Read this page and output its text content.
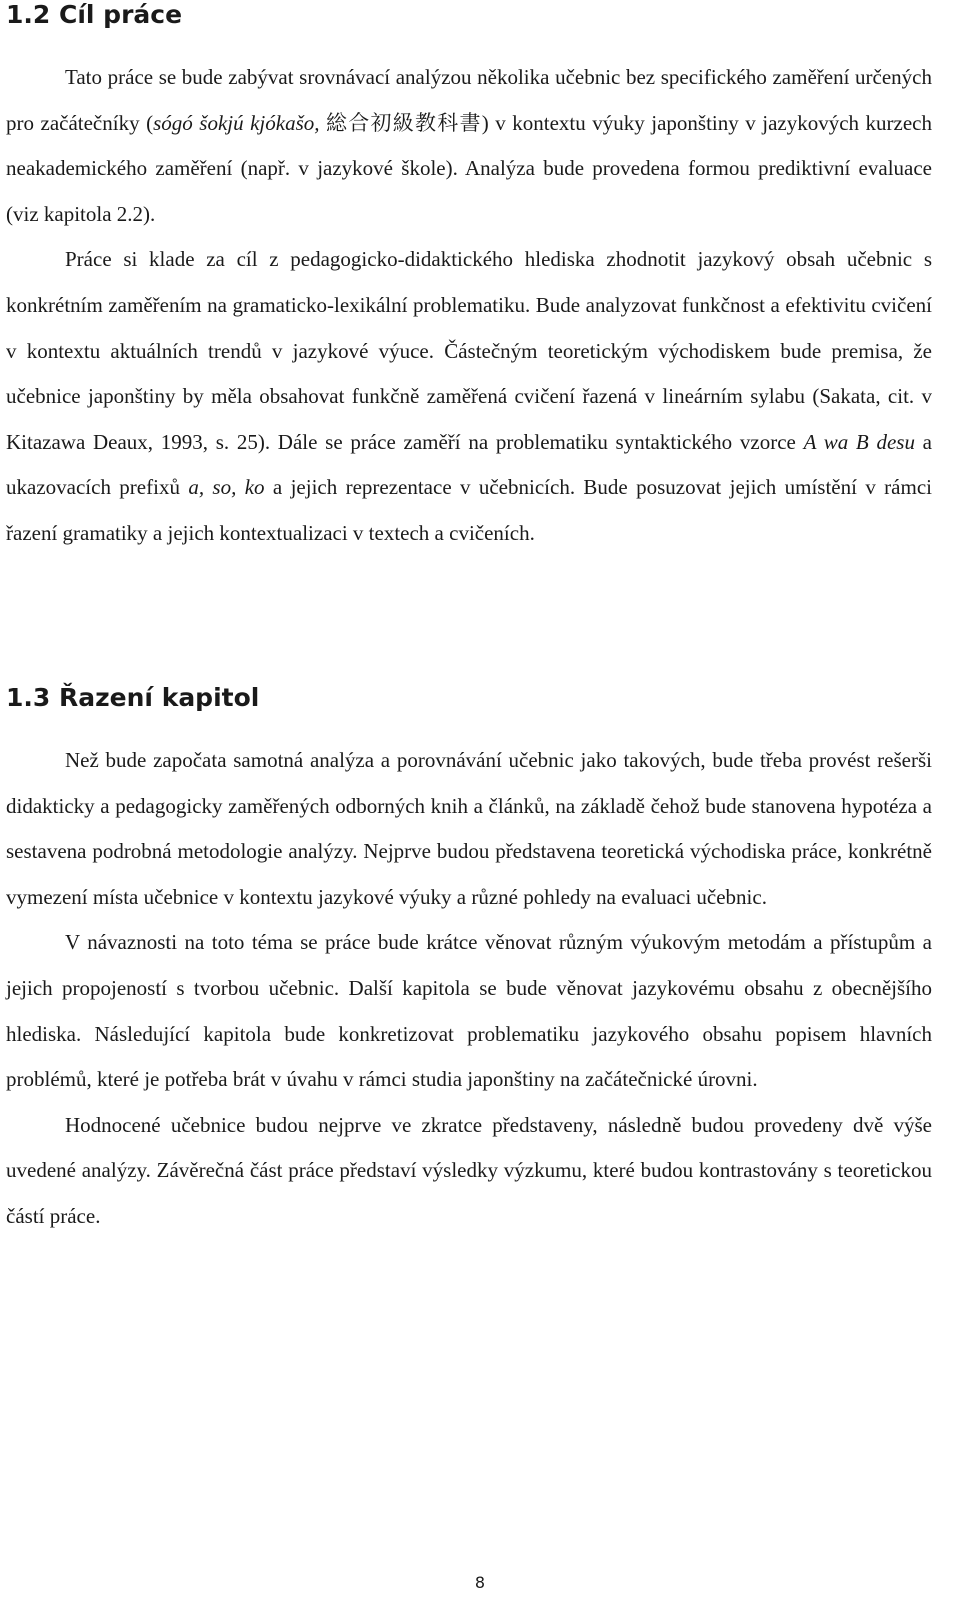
1.2 Cíl práce

Tato práce se bude zabývat srovnávací analýzou několika učebnic bez specifického zaměření určených pro začátečníky (sógó šokjú kjókašo, 総合初級教科書) v kontextu výuky japonštiny v jazykových kurzech neakademického zaměření (např. v jazykové škole). Analýza bude provedena formou prediktivní evaluace (viz kapitola 2.2).

Práce si klade za cíl z pedagogicko-didaktického hlediska zhodnotit jazykový obsah učebnic s konkrétním zaměřením na gramaticko-lexikální problematiku. Bude analyzovat funkčnost a efektivitu cvičení v kontextu aktuálních trendů v jazykové výuce. Částečným teoretickým východiskem bude premisa, že učebnice japonštiny by měla obsahovat funkčně zaměřená cvičení řazená v lineárním sylabu (Sakata, cit. v Kitazawa Deaux, 1993, s. 25). Dále se práce zaměří na problematiku syntaktického vzorce A wa B desu a ukazovacích prefixů a, so, ko a jejich reprezentace v učebnicích. Bude posuzovat jejich umístění v rámci řazení gramatiky a jejich kontextualizaci v textech a cvičeních.

1.3 Řazení kapitol

Než bude započata samotná analýza a porovnávání učebnic jako takových, bude třeba provést rešerši didakticky a pedagogicky zaměřených odborných knih a článků, na základě čehož bude stanovena hypotéza a sestavena podrobná metodologie analýzy. Nejprve budou představena teoretická východiska práce, konkrétně vymezení místa učebnice v kontextu jazykové výuky a různé pohledy na evaluaci učebnic.

V návaznosti na toto téma se práce bude krátce věnovat různým výukovým metodám a přístupům a jejich propojeností s tvorbou učebnic. Další kapitola se bude věnovat jazykovému obsahu z obecnějšího hlediska. Následující kapitola bude konkretizovat problematiku jazykového obsahu popisem hlavních problémů, které je potřeba brát v úvahu v rámci studia japonštiny na začátečnické úrovni.

Hodnocené učebnice budou nejprve ve zkratce představeny, následně budou provedeny dvě výše uvedené analýzy. Závěrečná část práce představí výsledky výzkumu, které budou kontrastovány s teoretickou částí práce.

8
